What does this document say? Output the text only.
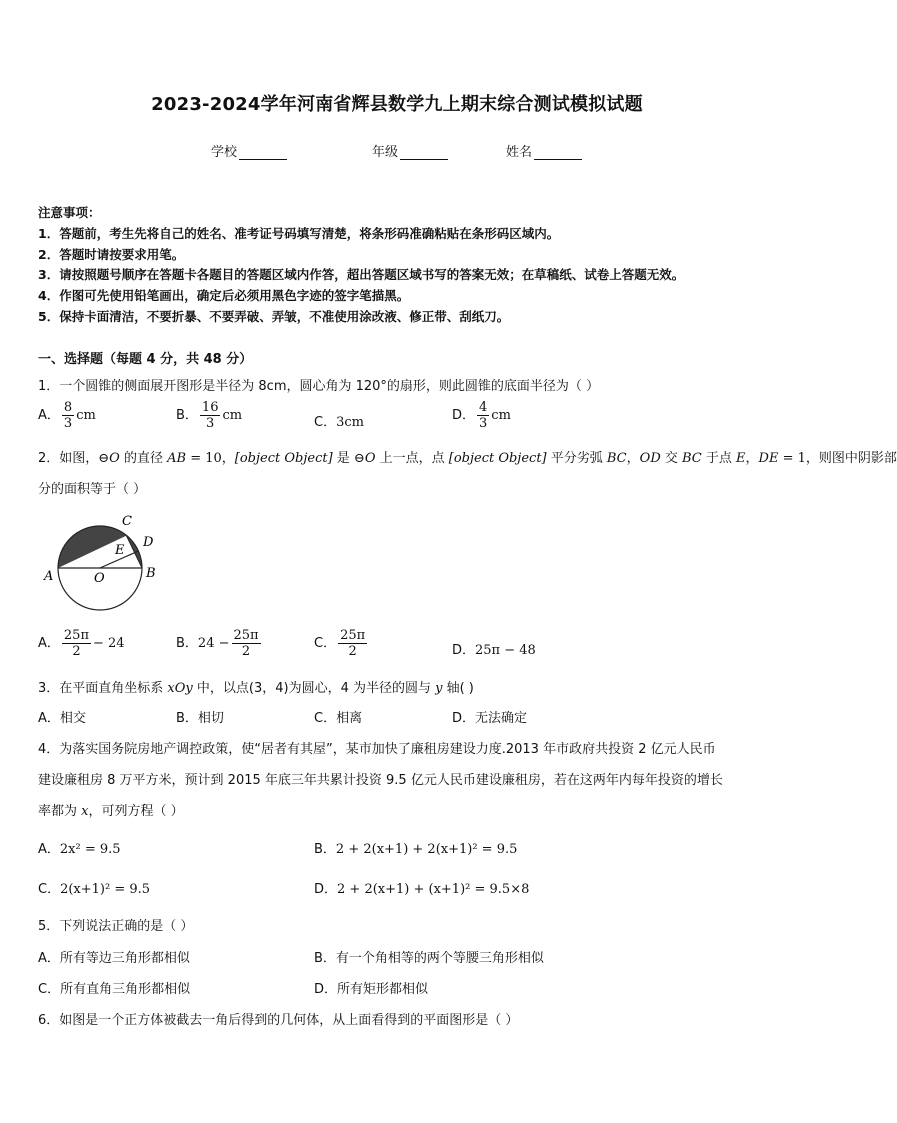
2023-2024学年河南省辉县数学九上期末综合测试模拟试题
学校	年级	姓名
注意事项：
1．答题前，考生先将自己的姓名、准考证号码填写清楚，将条形码准确粘贴在条形码区域内。
2．答题时请按要求用笔。
3．请按照题号顺序在答题卡各题目的答题区域内作答，超出答题区域书写的答案无效；在草稿纸、试卷上答题无效。
4．作图可先使用铅笔画出，确定后必须用黑色字迹的签字笔描黑。
5．保持卡面清洁，不要折暴、不要弄破、弄皱，不准使用涂改液、修正带、刮纸刀。
一、选择题（每题 4 分，共 48 分）
1．一个圆锥的侧面展开图形是半径为 8cm，圆心角为 120°的扇形，则此圆锥的底面半径为（ ）
A． $\frac{8}{3}$ cm	B． $\frac{16}{3}$ cm	C．3cm	D． $\frac{4}{3}$ cm
2．如图，⊖O 的直径 AB = 10，[object Object] 是 ⊖O 上一点，点 [object Object] 平分劣弧 BC，OD 交 BC 于点 E，DE = 1，则图中阴影部
分的面积等于（ ）
A	B
C
D
E
O
A． $\frac{25\pi}{2} - 24$	B．$24 - \frac{25\pi}{2}$	C． $\frac{25\pi}{2}$	D．25π − 48
3．在平面直角坐标系 xOy 中，以点(3，4)为圆心，4 为半径的圆与 y 轴( )
A．相交	B．相切	C．相离	D．无法确定
4．为落实国务院房地产调控政策，使“居者有其屋”，某市加快了廉租房建设力度.2013 年市政府共投资 2 亿元人民币
建设廉租房 8 万平方米，预计到 2015 年底三年共累计投资 9.5 亿元人民币建设廉租房，若在这两年内每年投资的增长
率都为 x，可列方程（ ）
A．2x² = 9.5	B．2 + 2(x+1) + 2(x+1)² = 9.5
C．2(x+1)² = 9.5	D．2 + 2(x+1) + (x+1)² = 9.5×8
5．下列说法正确的是（ ）
A．所有等边三角形都相似	B．有一个角相等的两个等腰三角形相似
C．所有直角三角形都相似	D．所有矩形都相似
6．如图是一个正方体被截去一角后得到的几何体，从上面看得到的平面图形是（ ）
